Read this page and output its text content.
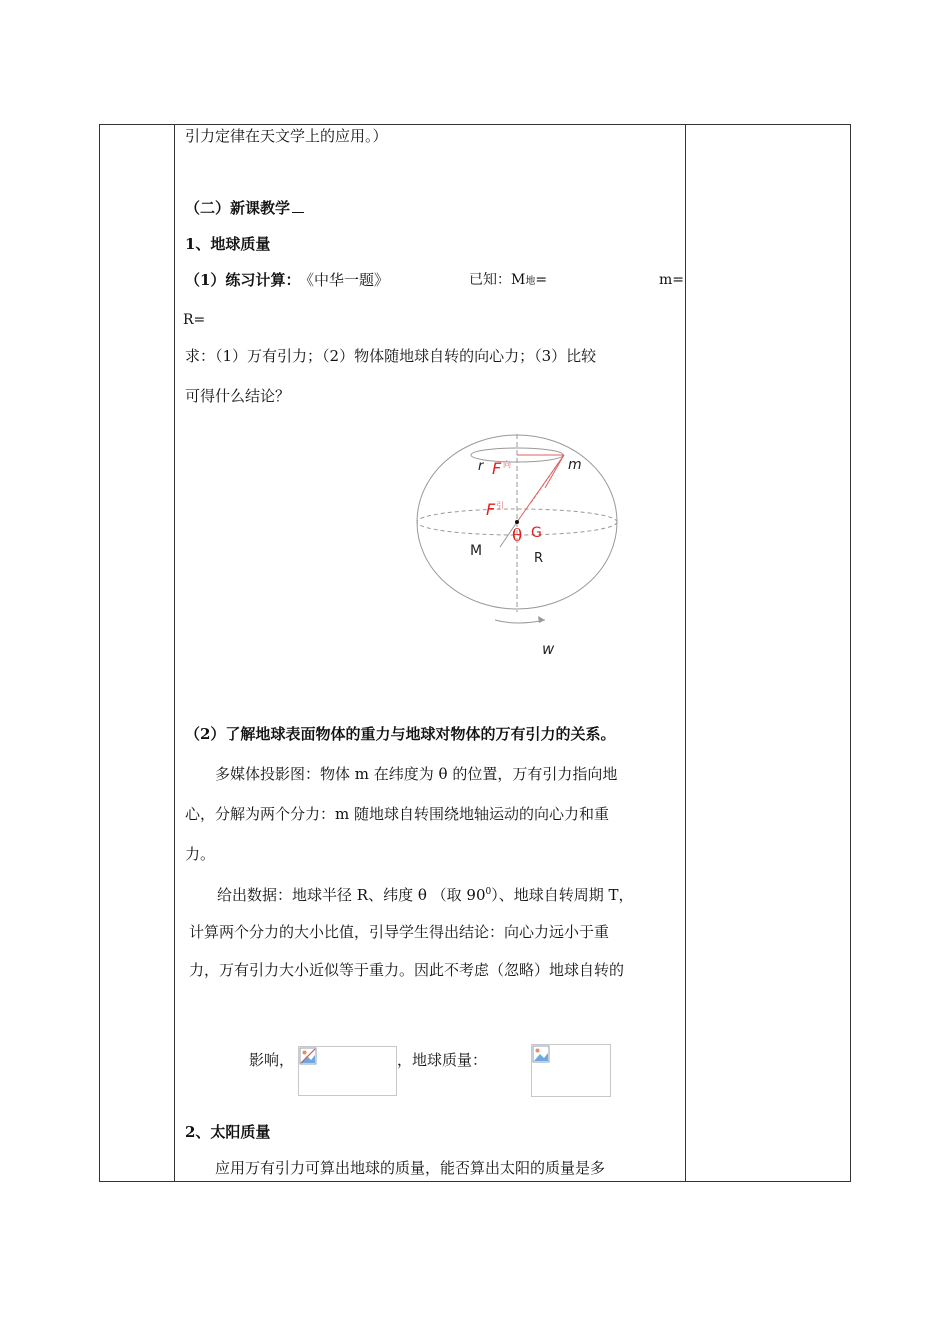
引力定律在天文学上的应用。）
（二）新课教学
1、地球质量
（1）练习计算： 《中华一题》	已知：M地=	m=
R=
求：（1）万有引力；（2）物体随地球自转的向心力；（3）比较
可得什么结论？
r	m
F 向
F 引
θ G
M	R
w
（2）了解地球表面物体的重力与地球对物体的万有引力的关系。
多媒体投影图：物体 m 在纬度为 θ 的位置，万有引力指向地
心，分解为两个分力：m 随地球自转围绕地轴运动的向心力和重
力。
给出数据：地球半径 R、纬度 θ （取 $90^0$）、地球自转周期 T，
计算两个分力的大小比值，引导学生得出结论：向心力远小于重
力，万有引力大小近似等于重力。因此不考虑（忽略）地球自转的
影响，	，地球质量：
2、太阳质量
应用万有引力可算出地球的质量，能否算出太阳的质量是多
